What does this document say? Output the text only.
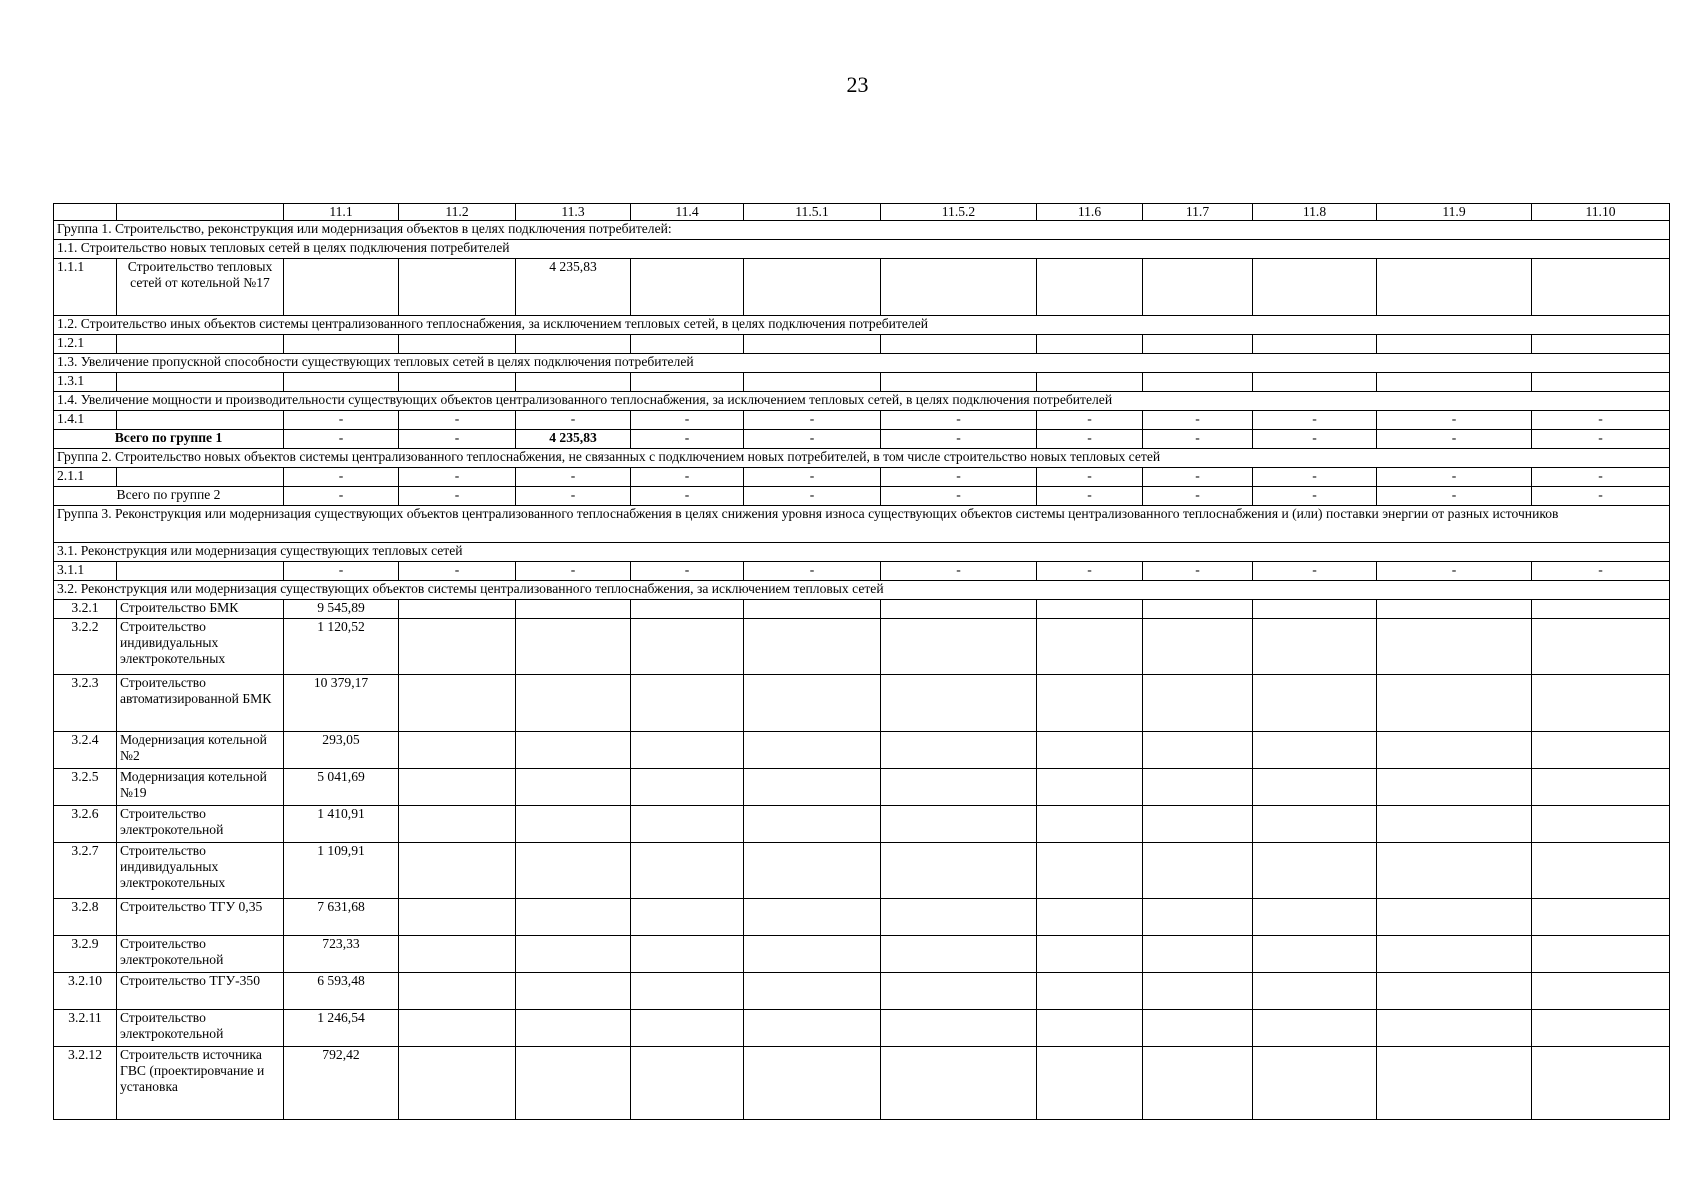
23
		11.1	11.2	11.3	11.4	11.5.1	11.5.2	11.6	11.7	11.8	11.9	11.10
Группа 1. Строительство, реконструкция или модернизация объектов в целях подключения потребителей:												
1.1. Строительство новых тепловых сетей в целях подключения потребителей												
1.1.1	Строительство тепловых сетей от котельной №17			4 235,83								
1.2. Строительство иных объектов системы централизованного теплоснабжения, за исключением тепловых сетей, в целях подключения потребителей												
1.2.1												
1.3. Увеличение пропускной способности существующих тепловых сетей в целях подключения потребителей												
1.3.1												
1.4. Увеличение мощности и производительности существующих объектов централизованного теплоснабжения, за исключением тепловых сетей, в целях подключения потребителей												
1.4.1		-	-	-	-	-	-	-	-	-	-	-
Всего по группе 1		-	-	4 235,83	-	-	-	-	-	-	-	-
Группа 2. Строительство новых объектов системы централизованного теплоснабжения, не связанных с подключением новых потребителей, в том числе строительство новых тепловых сетей												
2.1.1		-	-	-	-	-	-	-	-	-	-	-
Всего по группе 2		-	-	-	-	-	-	-	-	-	-	-
Группа 3. Реконструкция или модернизация существующих объектов централизованного теплоснабжения в целях снижения уровня износа существующих объектов системы централизованного теплоснабжения и (или) поставки энергии от разных источников												
3.1. Реконструкция или модернизация существующих тепловых сетей												
3.1.1		-	-	-	-	-	-	-	-	-	-	-
3.2. Реконструкция или модернизация существующих объектов системы централизованного теплоснабжения, за исключением тепловых сетей												
3.2.1	Строительство БМК	9 545,89										
3.2.2	Строительство индивидуальных электрокотельных	1 120,52										
3.2.3	Строительство автоматизированной БМК	10 379,17										
3.2.4	Модернизация котельной №2	293,05										
3.2.5	Модернизация котельной №19	5 041,69										
3.2.6	Строительство электрокотельной	1 410,91										
3.2.7	Строительство индивидуальных электрокотельных	1 109,91										
3.2.8	Строительство ТГУ 0,35	7 631,68										
3.2.9	Строительство электрокотельной	723,33										
3.2.10	Строительство ТГУ-350	6 593,48										
3.2.11	Строительство электрокотельной	1 246,54										
3.2.12	Строительств источника ГВС (проектировчание и установка	792,42										
